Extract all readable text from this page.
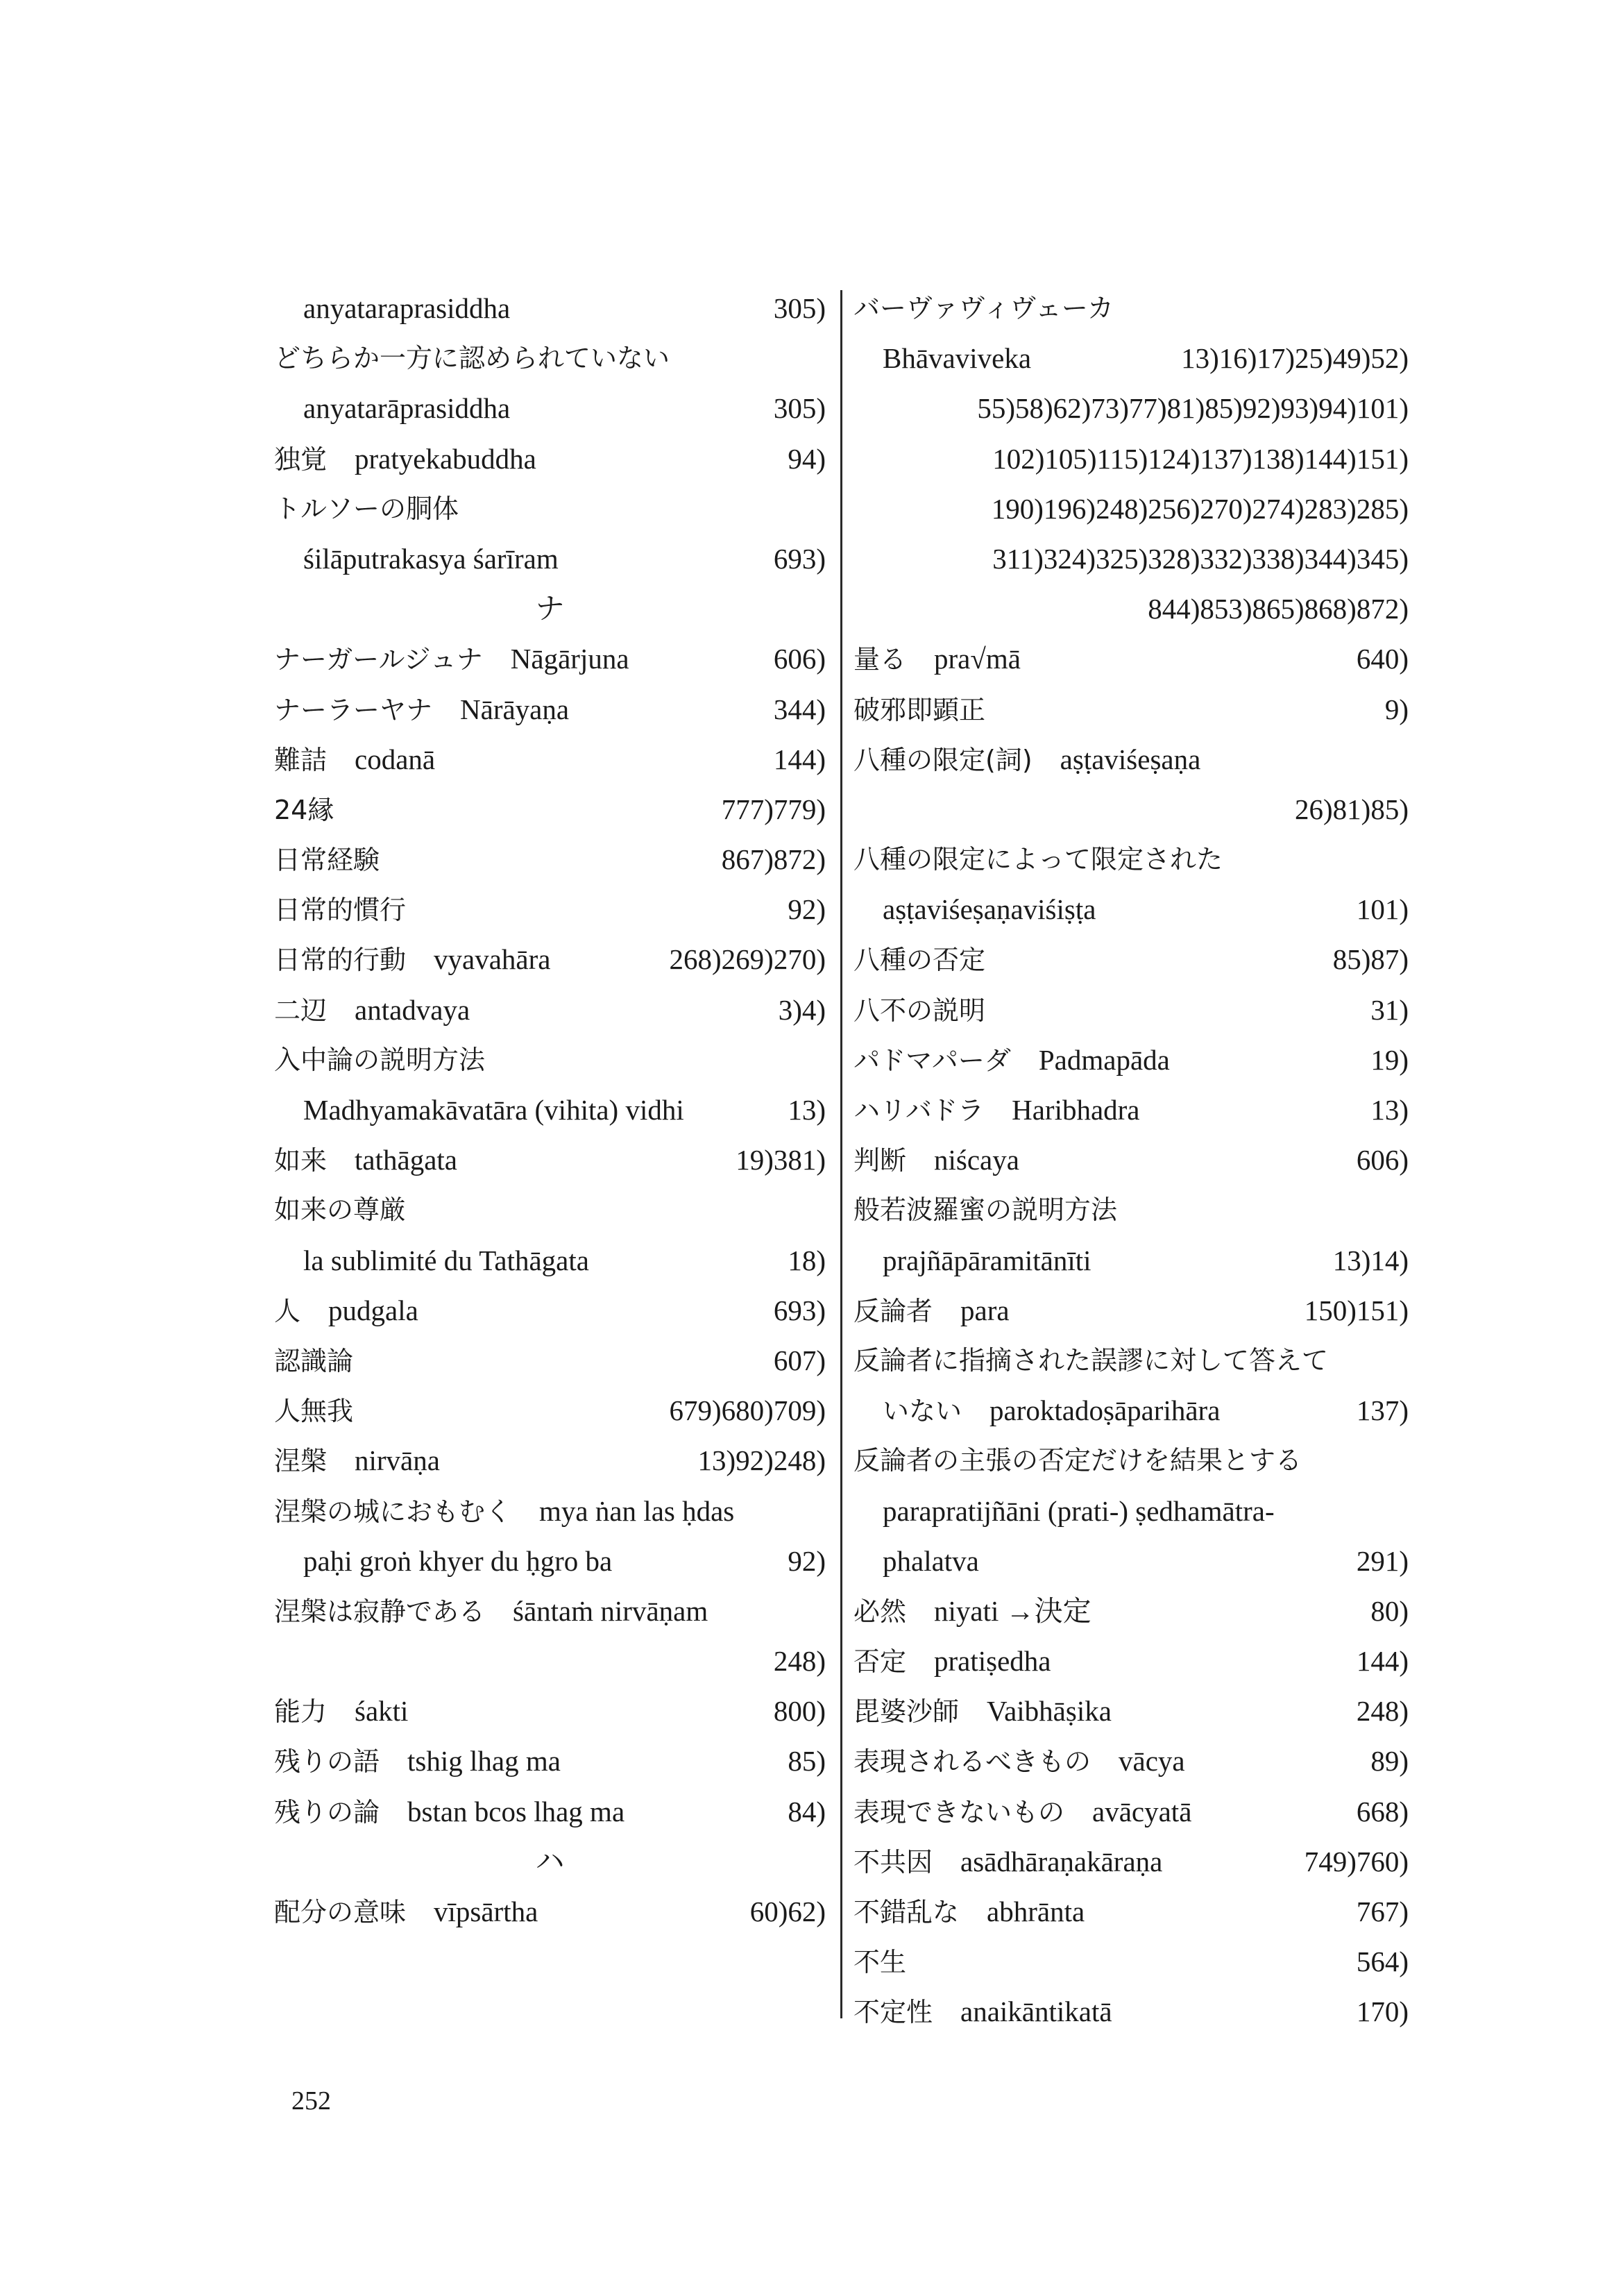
anyataraprasiddha	305)
どちらか一方に認められていない
anyatarāprasiddha	305)
独覚 pratyekabuddha	94)
トルソーの胴体
śilāputrakasya śarīram	693)
ナ
ナーガールジュナ Nāgārjuna	606)
ナーラーヤナ Nārāyaṇa	344)
難詰 codanā	144)
24縁	777)779)
日常経験	867)872)
日常的慣行	92)
日常的行動 vyavahāra	268)269)270)
二辺 antadvaya	3)4)
入中論の説明方法
Madhyamakāvatāra (vihita) vidhi	13)
如来 tathāgata	19)381)
如来の尊厳
la sublimité du Tathāgata	18)
人 pudgala	693)
認識論	607)
人無我	679)680)709)
涅槃 nirvāṇa	13)92)248)
涅槃の城におもむく mya ṅan las ḥdas
paḥi groṅ khyer du ḥgro ba	92)
涅槃は寂静である śāntaṁ nirvāṇam
248)
能力 śakti	800)
残りの語 tshig lhag ma	85)
残りの論 bstan bcos lhag ma	84)
ハ
配分の意味 vīpsārtha	60)62)
バーヴァヴィヴェーカ
Bhāvaviveka	13)16)17)25)49)52)
55)58)62)73)77)81)85)92)93)94)101)
102)105)115)124)137)138)144)151)
190)196)248)256)270)274)283)285)
311)324)325)328)332)338)344)345)
844)853)865)868)872)
量る pra√mā	640)
破邪即顕正	9)
八種の限定(詞) aṣṭaviśeṣaṇa
26)81)85)
八種の限定によって限定された
aṣṭaviśeṣaṇaviśiṣṭa	101)
八種の否定	85)87)
八不の説明	31)
パドマパーダ Padmapāda	19)
ハリバドラ Haribhadra	13)
判断 niścaya	606)
般若波羅蜜の説明方法
prajñāpāramitānīti	13)14)
反論者 para	150)151)
反論者に指摘された誤謬に対して答えて
いない paroktadoṣāparihāra	137)
反論者の主張の否定だけを結果とする
parapratijñāni (prati-) ṣedhamātra-
phalatva	291)
必然 niyati →決定	80)
否定 pratiṣedha	144)
毘婆沙師 Vaibhāṣika	248)
表現されるべきもの vācya	89)
表現できないもの avācyatā	668)
不共因 asādhāraṇakāraṇa	749)760)
不錯乱な abhrānta	767)
不生	564)
不定性 anaikāntikatā	170)
252
